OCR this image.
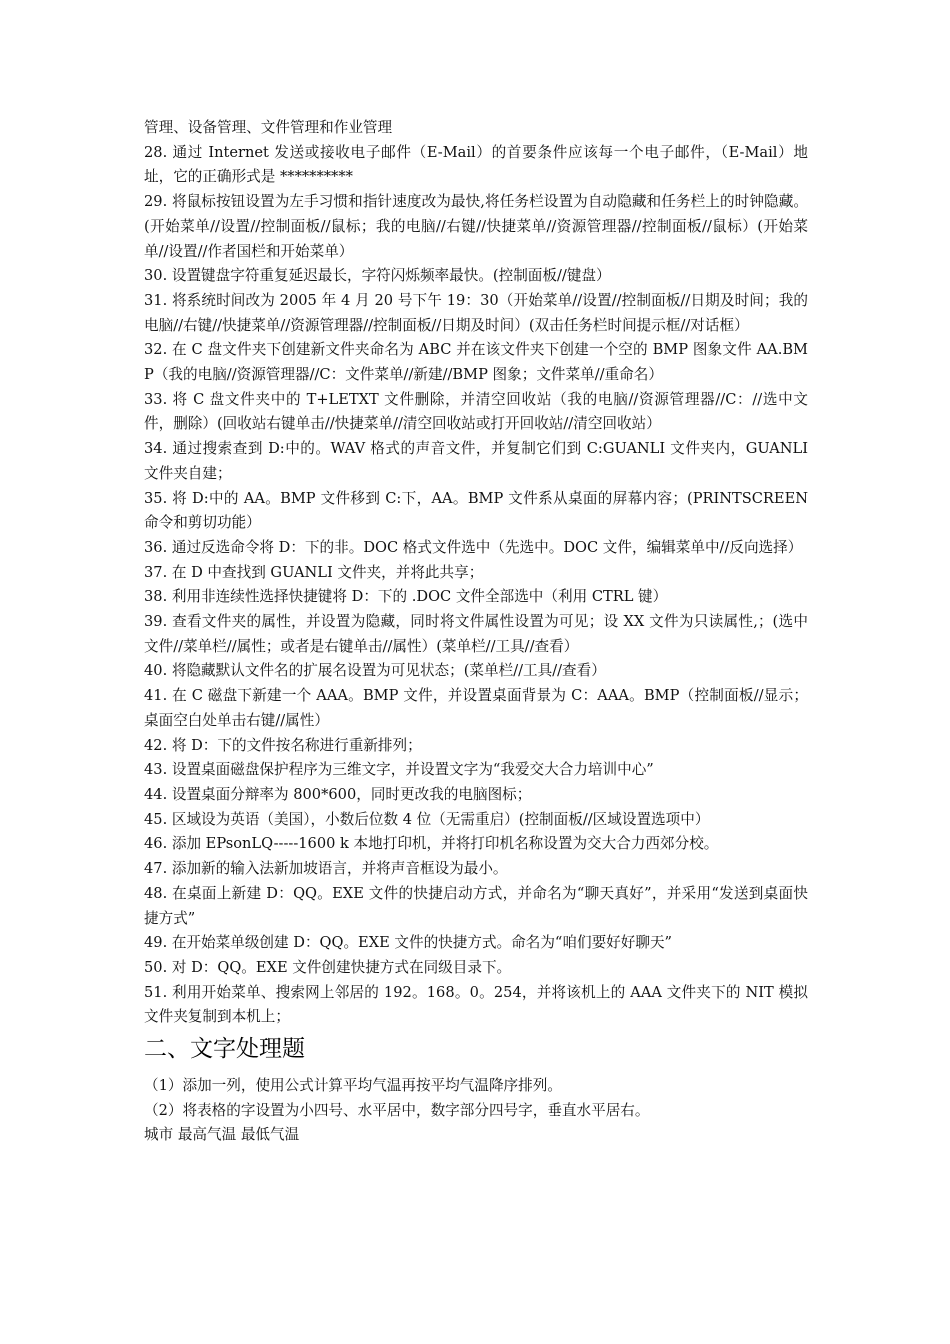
管理、设备管理、文件管理和作业管理

28. 通过 Internet 发送或接收电子邮件（E-Mail）的首要条件应该每一个电子邮件，（E-Mail）地址，它的正确形式是 **********

29. 将鼠标按钮设置为左手习惯和指针速度改为最快,将任务栏设置为自动隐藏和任务栏上的时钟隐藏。(开始菜单//设置//控制面板//鼠标；我的电脑//右键//快捷菜单//资源管理器//控制面板//鼠标）(开始菜单//设置//作者国栏和开始菜单）

30. 设置键盘字符重复延迟最长，字符闪烁频率最快。(控制面板//键盘）

31. 将系统时间改为 2005 年 4 月 20 号下午 19：30（开始菜单//设置//控制面板//日期及时间；我的电脑//右键//快捷菜单//资源管理器//控制面板//日期及时间）(双击任务栏时间提示框//对话框）

32. 在 C 盘文件夹下创建新文件夹命名为 ABC 并在该文件夹下创建一个空的 BMP 图象文件 AA.BMP（我的电脑//资源管理器//C：文件菜单//新建//BMP 图象；文件菜单//重命名）

33. 将 C 盘文件夹中的 T+LETXT 文件删除，并清空回收站（我的电脑//资源管理器//C：//选中文件，删除）(回收站右键单击//快捷菜单//清空回收站或打开回收站//清空回收站）

34. 通过搜索查到 D:中的。WAV 格式的声音文件，并复制它们到 C:GUANLI 文件夹内，GUANLI 文件夹自建；

35. 将 D:中的 AA。BMP 文件移到 C:下，AA。BMP 文件系从桌面的屏幕内容；(PRINTSCREEN 命令和剪切功能）

36. 通过反选命令将 D：下的非。DOC 格式文件选中（先选中。DOC 文件，编辑菜单中//反向选择）

37. 在 D 中查找到 GUANLI 文件夹，并将此共享；

38. 利用非连续性选择快捷键将 D：下的 .DOC 文件全部选中（利用 CTRL 键）

39. 查看文件夹的属性，并设置为隐藏，同时将文件属性设置为可见；设 XX 文件为只读属性,；(选中文件//菜单栏//属性；或者是右键单击//属性）(菜单栏//工具//查看）

40. 将隐藏默认文件名的扩展名设置为可见状态；(菜单栏//工具//查看）

41. 在 C 磁盘下新建一个 AAA。BMP 文件，并设置桌面背景为 C：AAA。BMP（控制面板//显示；桌面空白处单击右键//属性）

42. 将 D：下的文件按名称进行重新排列；

43. 设置桌面磁盘保护程序为三维文字，并设置文字为“我爱交大合力培训中心”

44. 设置桌面分辩率为 800*600，同时更改我的电脑图标；

45. 区域设为英语（美国），小数后位数 4 位（无需重启）(控制面板//区域设置选项中）

46. 添加 EPsonLQ-----1600 k 本地打印机，并将打印机名称设置为交大合力西郊分校。

47. 添加新的输入法新加坡语言，并将声音框设为最小。

48. 在桌面上新建 D：QQ。EXE 文件的快捷启动方式，并命名为“聊天真好”，并采用“发送到桌面快捷方式”

49. 在开始菜单级创建 D：QQ。EXE 文件的快捷方式。命名为“咱们要好好聊天”

50. 对 D：QQ。EXE 文件创建快捷方式在同级目录下。

51. 利用开始菜单、搜索网上邻居的 192。168。0。254，并将该机上的 AAA 文件夹下的 NIT 模拟文件夹复制到本机上；

二、文字处理题

（1）添加一列，使用公式计算平均气温再按平均气温降序排列。

（2）将表格的字设置为小四号、水平居中，数字部分四号字，垂直水平居右。

城市 最高气温 最低气温
